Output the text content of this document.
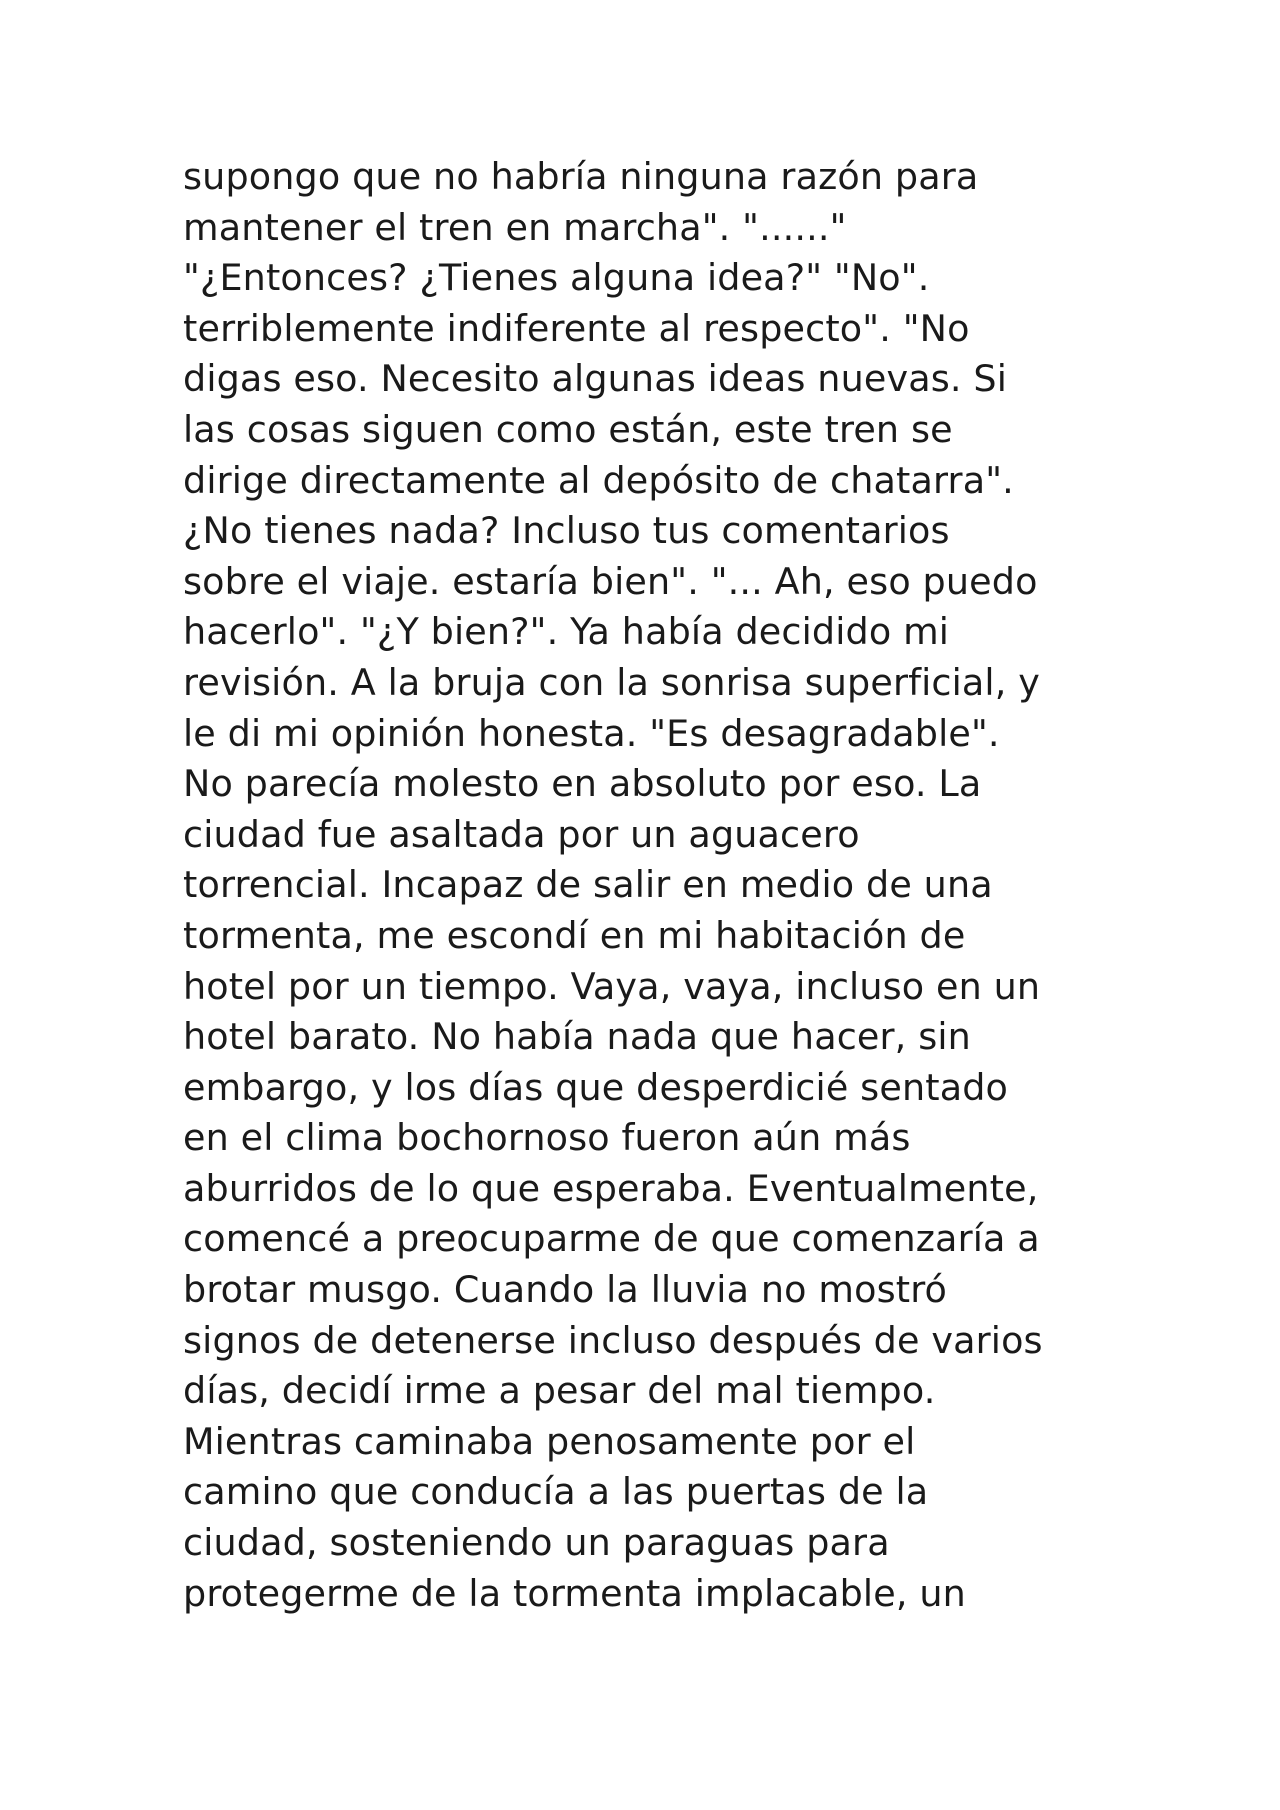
supongo que no habría ninguna razón para
mantener el tren en marcha". "......"
"¿Entonces? ¿Tienes alguna idea?" "No".
terriblemente indiferente al respecto". "No
digas eso. Necesito algunas ideas nuevas. Si
las cosas siguen como están, este tren se
dirige directamente al depósito de chatarra".
¿No tienes nada? Incluso tus comentarios
sobre el viaje. estaría bien". "... Ah, eso puedo
hacerlo". "¿Y bien?". Ya había decidido mi
revisión. A la bruja con la sonrisa superficial, y
le di mi opinión honesta. "Es desagradable".
No parecía molesto en absoluto por eso. La
ciudad fue asaltada por un aguacero
torrencial. Incapaz de salir en medio de una
tormenta, me escondí en mi habitación de
hotel por un tiempo. Vaya, vaya, incluso en un
hotel barato. No había nada que hacer, sin
embargo, y los días que desperdicié sentado
en el clima bochornoso fueron aún más
aburridos de lo que esperaba. Eventualmente,
comencé a preocuparme de que comenzaría a
brotar musgo. Cuando la lluvia no mostró
signos de detenerse incluso después de varios
días, decidí irme a pesar del mal tiempo.
Mientras caminaba penosamente por el
camino que conducía a las puertas de la
ciudad, sosteniendo un paraguas para
protegerme de la tormenta implacable, un
